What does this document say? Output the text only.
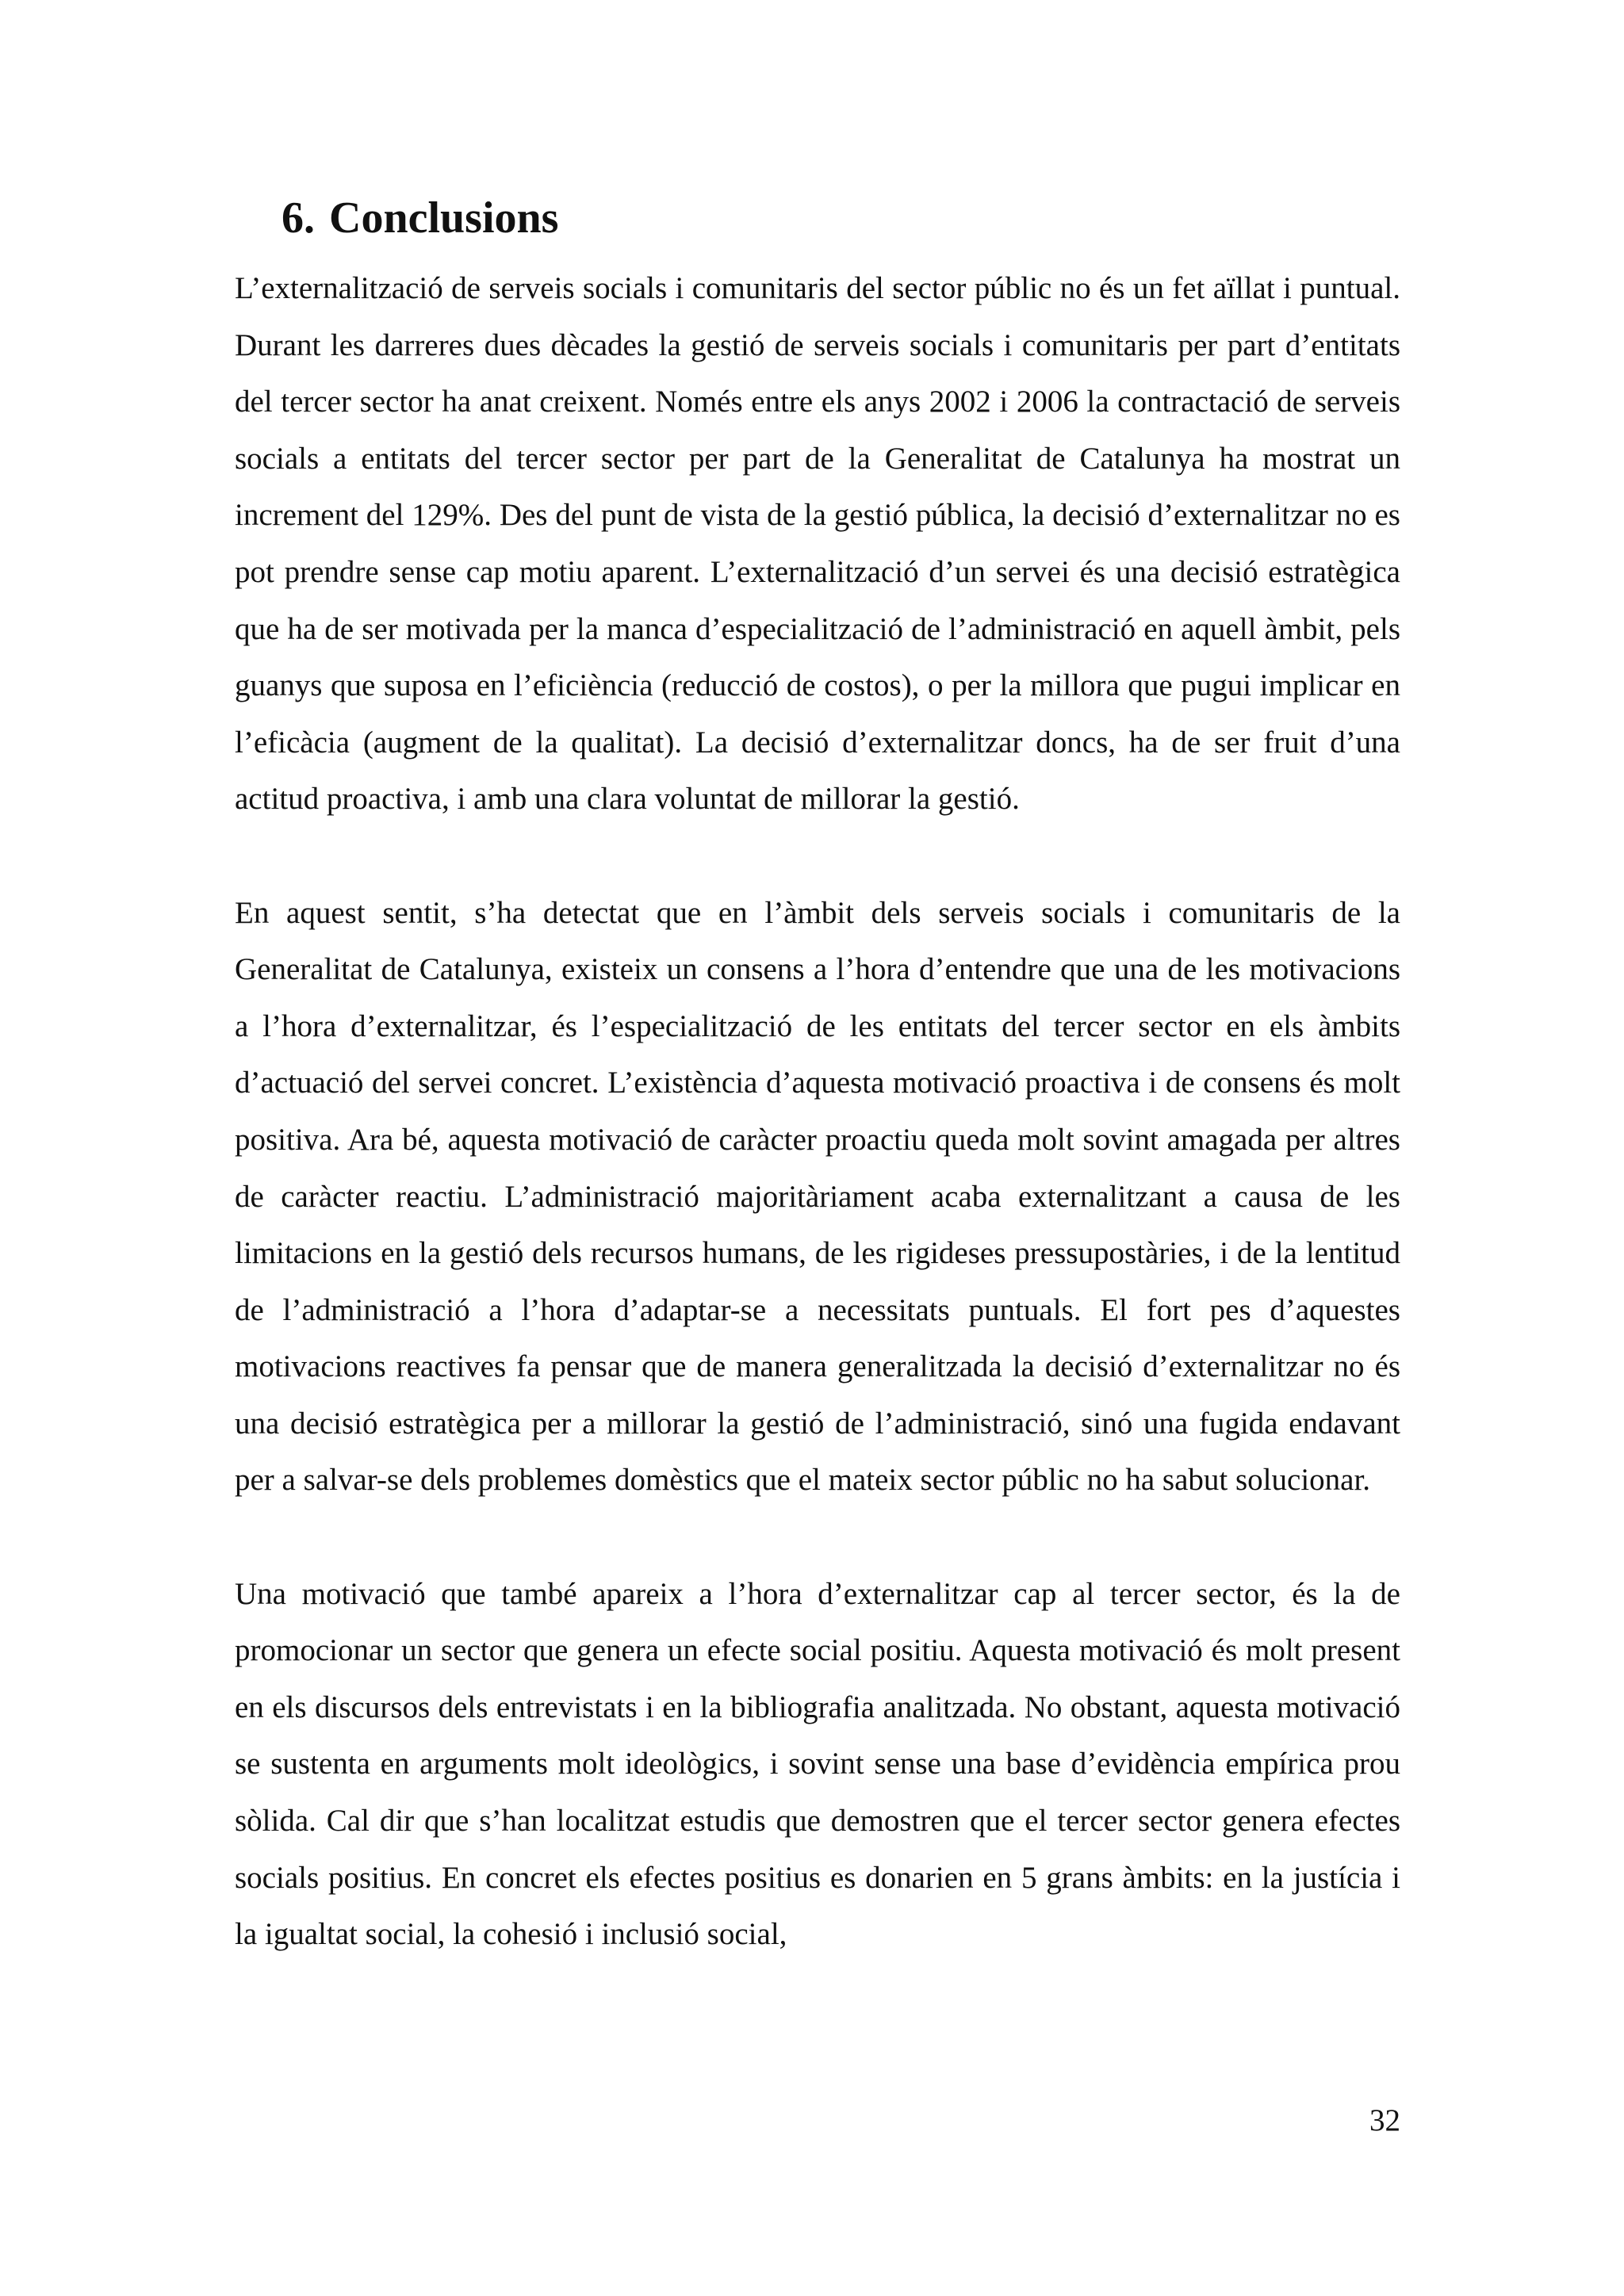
6. Conclusions

L’externalització de serveis socials i comunitaris del sector públic no és un fet aïllat i puntual. Durant les darreres dues dècades la gestió de serveis socials i comunitaris per part d’entitats del tercer sector ha anat creixent. Només entre els anys 2002 i 2006 la contractació de serveis socials a entitats del tercer sector per part de la Generalitat de Catalunya ha mostrat un increment del 129%. Des del punt de vista de la gestió pública, la decisió d’externalitzar no es pot prendre sense cap motiu aparent. L’externalització d’un servei és una decisió estratègica que ha de ser motivada per la manca d’especialització de l’administració en aquell àmbit, pels guanys que suposa en l’eficiència (reducció de costos), o per la millora que pugui implicar en l’eficàcia (augment de la qualitat). La decisió d’externalitzar doncs, ha de ser fruit d’una actitud proactiva, i amb una clara voluntat de millorar la gestió.

En aquest sentit, s’ha detectat que en l’àmbit dels serveis socials i comunitaris de la Generalitat de Catalunya, existeix un consens a l’hora d’entendre que una de les motivacions a l’hora d’externalitzar, és l’especialització de les entitats del tercer sector en els àmbits d’actuació del servei concret. L’existència d’aquesta motivació proactiva i de consens és molt positiva. Ara bé, aquesta motivació de caràcter proactiu queda molt sovint amagada per altres de caràcter reactiu. L’administració majoritàriament acaba externalitzant a causa de les limitacions en la gestió dels recursos humans, de les rigideses pressupostàries, i de la lentitud de l’administració a l’hora d’adaptar-se a necessitats puntuals. El fort pes d’aquestes motivacions reactives fa pensar que de manera generalitzada la decisió d’externalitzar no és una decisió estratègica per a millorar la gestió de l’administració, sinó una fugida endavant per a salvar-se dels problemes domèstics que el mateix sector públic no ha sabut solucionar.

Una motivació que també apareix a l’hora d’externalitzar cap al tercer sector, és la de promocionar un sector que genera un efecte social positiu. Aquesta motivació és molt present en els discursos dels entrevistats i en la bibliografia analitzada. No obstant, aquesta motivació se sustenta en arguments molt ideològics, i sovint sense una base d’evidència empírica prou sòlida. Cal dir que s’han localitzat estudis que demostren que el tercer sector genera efectes socials positius. En concret els efectes positius es donarien en 5 grans àmbits: en la justícia i la igualtat social, la cohesió i inclusió social,

32
